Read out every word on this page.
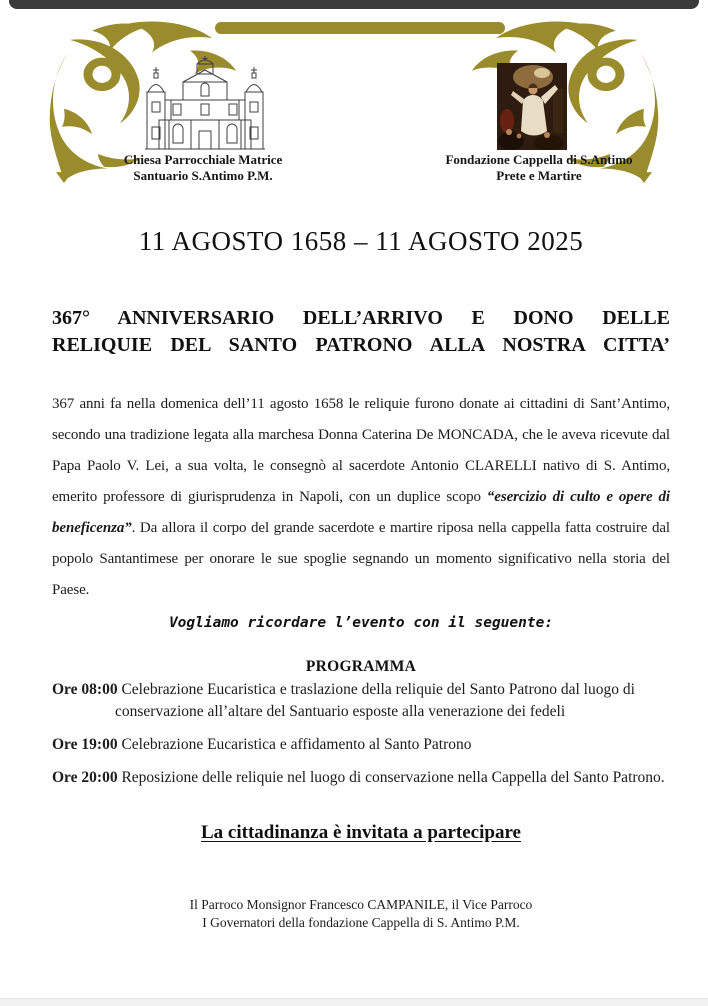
Chiesa Parrocchiale Matrice
Santuario S.Antimo P.M.
Fondazione Cappella di S.Antimo
Prete e Martire
11 AGOSTO 1658 – 11 AGOSTO 2025
367° ANNIVERSARIO DELL’ARRIVO E DONO DELLE
RELIQUIE DEL SANTO PATRONO ALLA NOSTRA CITTA’

367 anni fa nella domenica dell’11 agosto 1658 le reliquie furono donate ai cittadini di Sant’Antimo, secondo una tradizione legata alla marchesa Donna Caterina De MONCADA, che le aveva ricevute dal Papa Paolo V. Lei, a sua volta, le consegnò al sacerdote Antonio CLARELLI nativo di S. Antimo, emerito professore di giurisprudenza in Napoli, con un duplice scopo “esercizio di culto e opere di beneficenza”. Da allora il corpo del grande sacerdote e martire riposa nella cappella fatta costruire dal popolo Santantimese per onorare le sue spoglie segnando un momento significativo nella storia del Paese.

Vogliamo ricordare l’evento con il seguente:
PROGRAMMA
Ore 08:00 Celebrazione Eucaristica e traslazione della reliquie del Santo Patrono dal luogo di conservazione all’altare del Santuario esposte alla venerazione dei fedeli
Ore 19:00 Celebrazione Eucaristica e affidamento al Santo Patrono
Ore 20:00 Reposizione delle reliquie nel luogo di conservazione nella Cappella del Santo Patrono.
La cittadinanza è invitata a partecipare
Il Parroco Monsignor Francesco CAMPANILE, il Vice Parroco
I Governatori della fondazione Cappella di S. Antimo P.M.
